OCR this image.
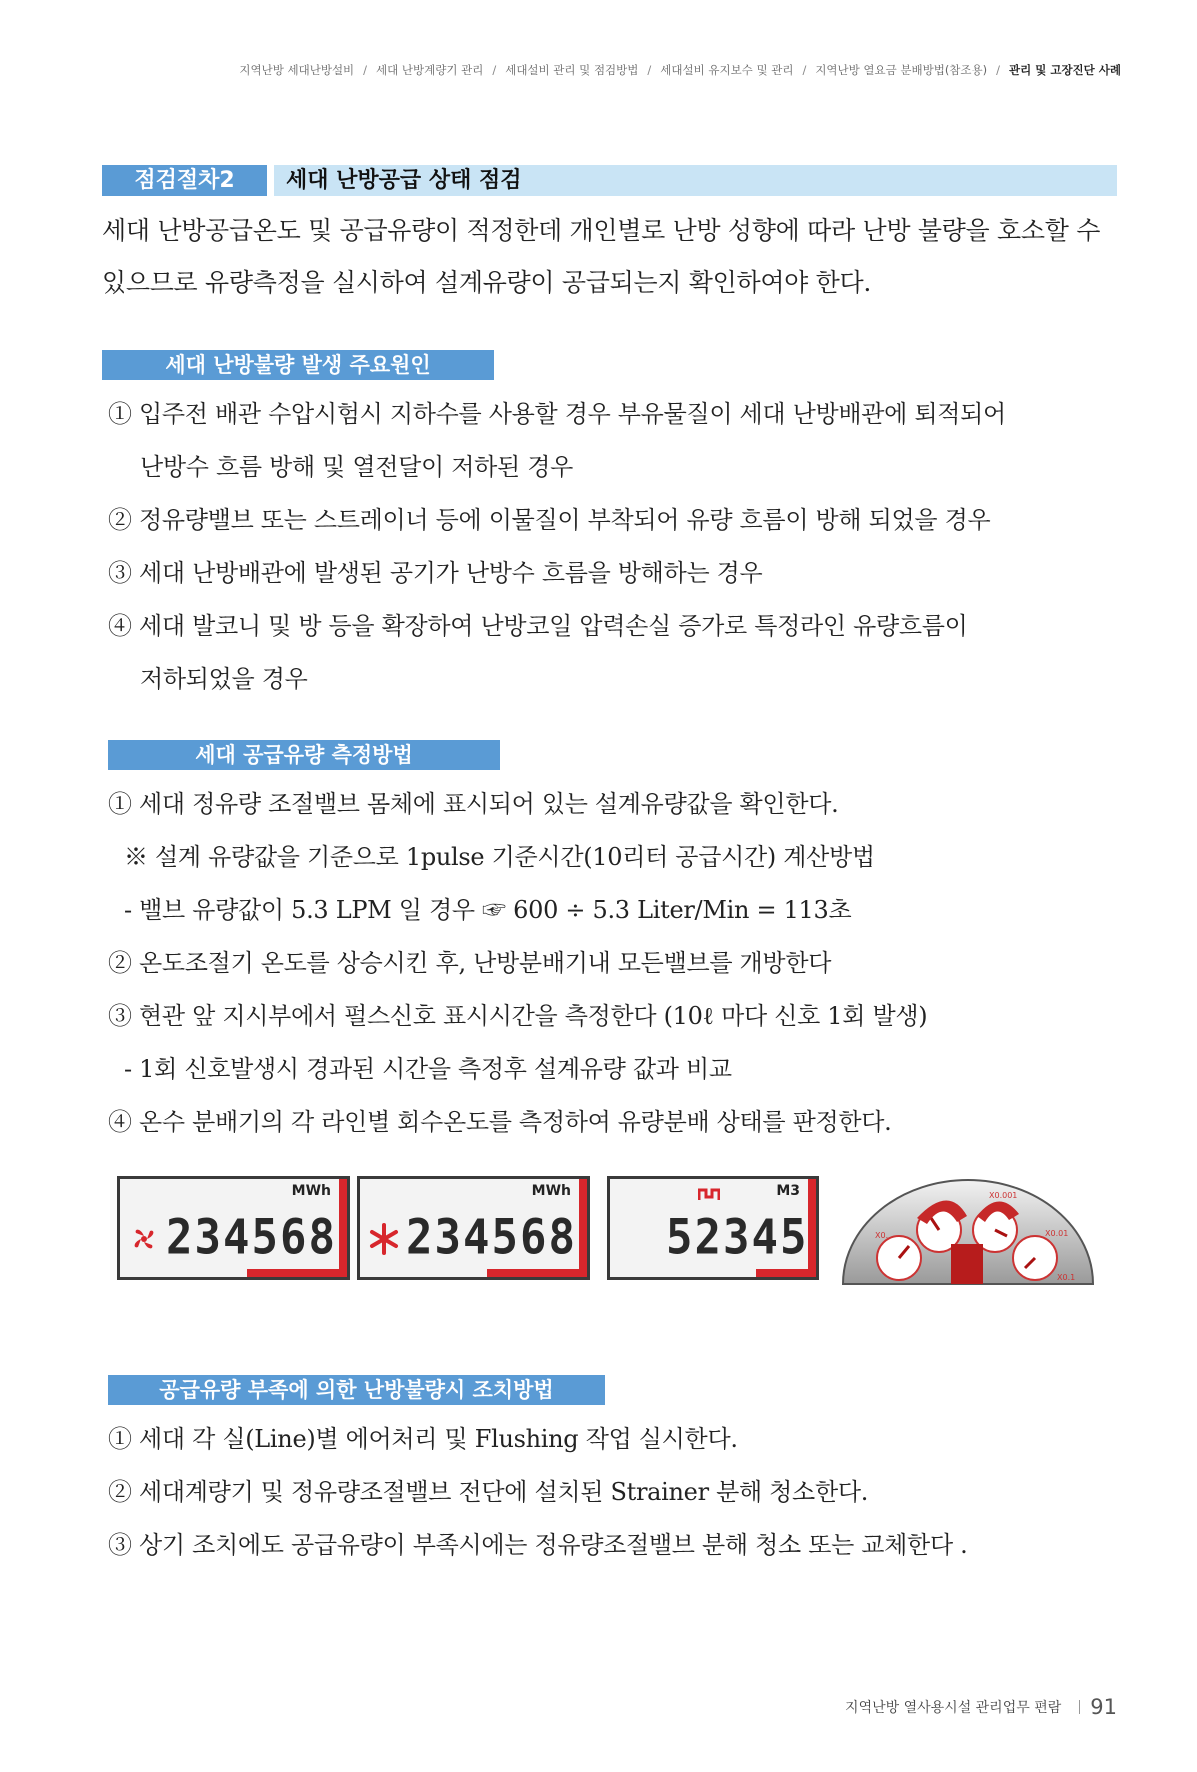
지역난방 세대난방설비 / 세대 난방계량기 관리 / 세대설비 관리 및 점검방법 / 세대설비 유지보수 및 관리 / 지역난방 열요금 분배방법(참조용) / 관리 및 고장진단 사례
점검절차2	세대 난방공급 상태 점검
세대 난방공급온도 및 공급유량이 적정한데 개인별로 난방 성향에 따라 난방 불량을 호소할 수
있으므로 유량측정을 실시하여 설계유량이 공급되는지 확인하여야 한다.
세대 난방불량 발생 주요원인
① 입주전 배관 수압시험시 지하수를 사용할 경우 부유물질이 세대 난방배관에 퇴적되어
난방수 흐름 방해 및 열전달이 저하된 경우
② 정유량밸브 또는 스트레이너 등에 이물질이 부착되어 유량 흐름이 방해 되었을 경우
③ 세대 난방배관에 발생된 공기가 난방수 흐름을 방해하는 경우
④ 세대 발코니 및 방 등을 확장하여 난방코일 압력손실 증가로 특정라인 유량흐름이
저하되었을 경우
세대 공급유량 측정방법
① 세대 정유량 조절밸브 몸체에 표시되어 있는 설계유량값을 확인한다.
※ 설계 유량값을 기준으로 1pulse 기준시간(10리터 공급시간) 계산방법
- 밸브 유량값이 5.3 LPM 일 경우 ☞ 600 ÷ 5.3 Liter/Min = 113초
② 온도조절기 온도를 상승시킨 후, 난방분배기내 모든밸브를 개방한다
③ 현관 앞 지시부에서 펄스신호 표시시간을 측정한다 (10ℓ 마다 신호 1회 발생)
- 1회 신호발생시 경과된 시간을 측정후 설계유량 값과 비교
④ 온수 분배기의 각 라인별 회수온도를 측정하여 유량분배 상태를 판정한다.
MWh
234568
MWh
234568
M3
52345
X0.001
X0.01
X0.1
X0.
공급유량 부족에 의한 난방불량시 조치방법
① 세대 각 실(Line)별 에어처리 및 Flushing 작업 실시한다.
② 세대계량기 및 정유량조절밸브 전단에 설치된 Strainer 분해 청소한다.
③ 상기 조치에도 공급유량이 부족시에는 정유량조절밸브 분해 청소 또는 교체한다 .
지역난방 열사용시설 관리업무 편람 91
